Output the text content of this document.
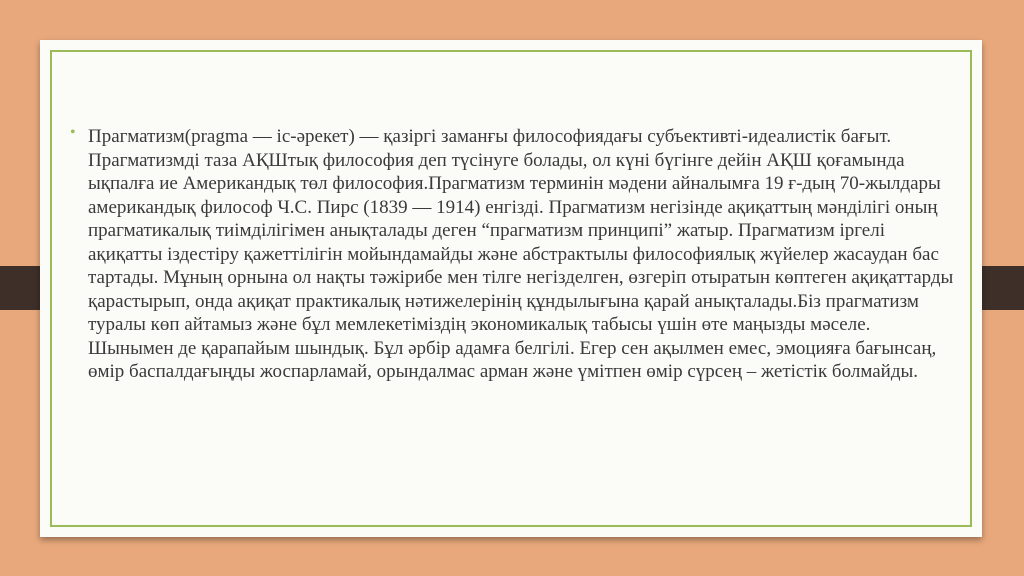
• Прагматизм(pragma — іс-әрекет) — қазіргі заманғы философиядағы субъективті-идеалистік бағыт. Прагматизмді таза АҚШтық философия деп түсінуге болады, ол күні бүгінге дейін АҚШ қоғамында ықпалға ие Американдық төл философия.Прагматизм терминін мәдени айналымға 19 ғ-дың 70-жылдары американдық философ Ч.С. Пирс (1839 — 1914) енгізді. Прагматизм негізінде ақиқаттың мәнділігі оның прагматикалық тиімділігімен анықталады деген “прагматизм принципі” жатыр. Прагматизм іргелі ақиқатты іздестіру қажеттілігін мойындамайды және абстрактылы философиялық жүйелер жасаудан бас тартады. Мұның орнына ол нақты тәжірибе мен тілге негізделген, өзгеріп отыратын көптеген ақиқаттарды қарастырып, онда ақиқат практикалық нәтижелерінің құндылығына қарай анықталады.Біз прагматизм туралы көп айтамыз және бұл мемлекетіміздің экономикалық табысы үшін өте маңызды мәселе. Шынымен де қарапайым шындық. Бұл әрбір адамға белгілі. Егер сен ақылмен емес, эмоцияға бағынсаң, өмір баспалдағыңды жоспарламай, орындалмас арман және үмітпен өмір сүрсең – жетістік болмайды.
